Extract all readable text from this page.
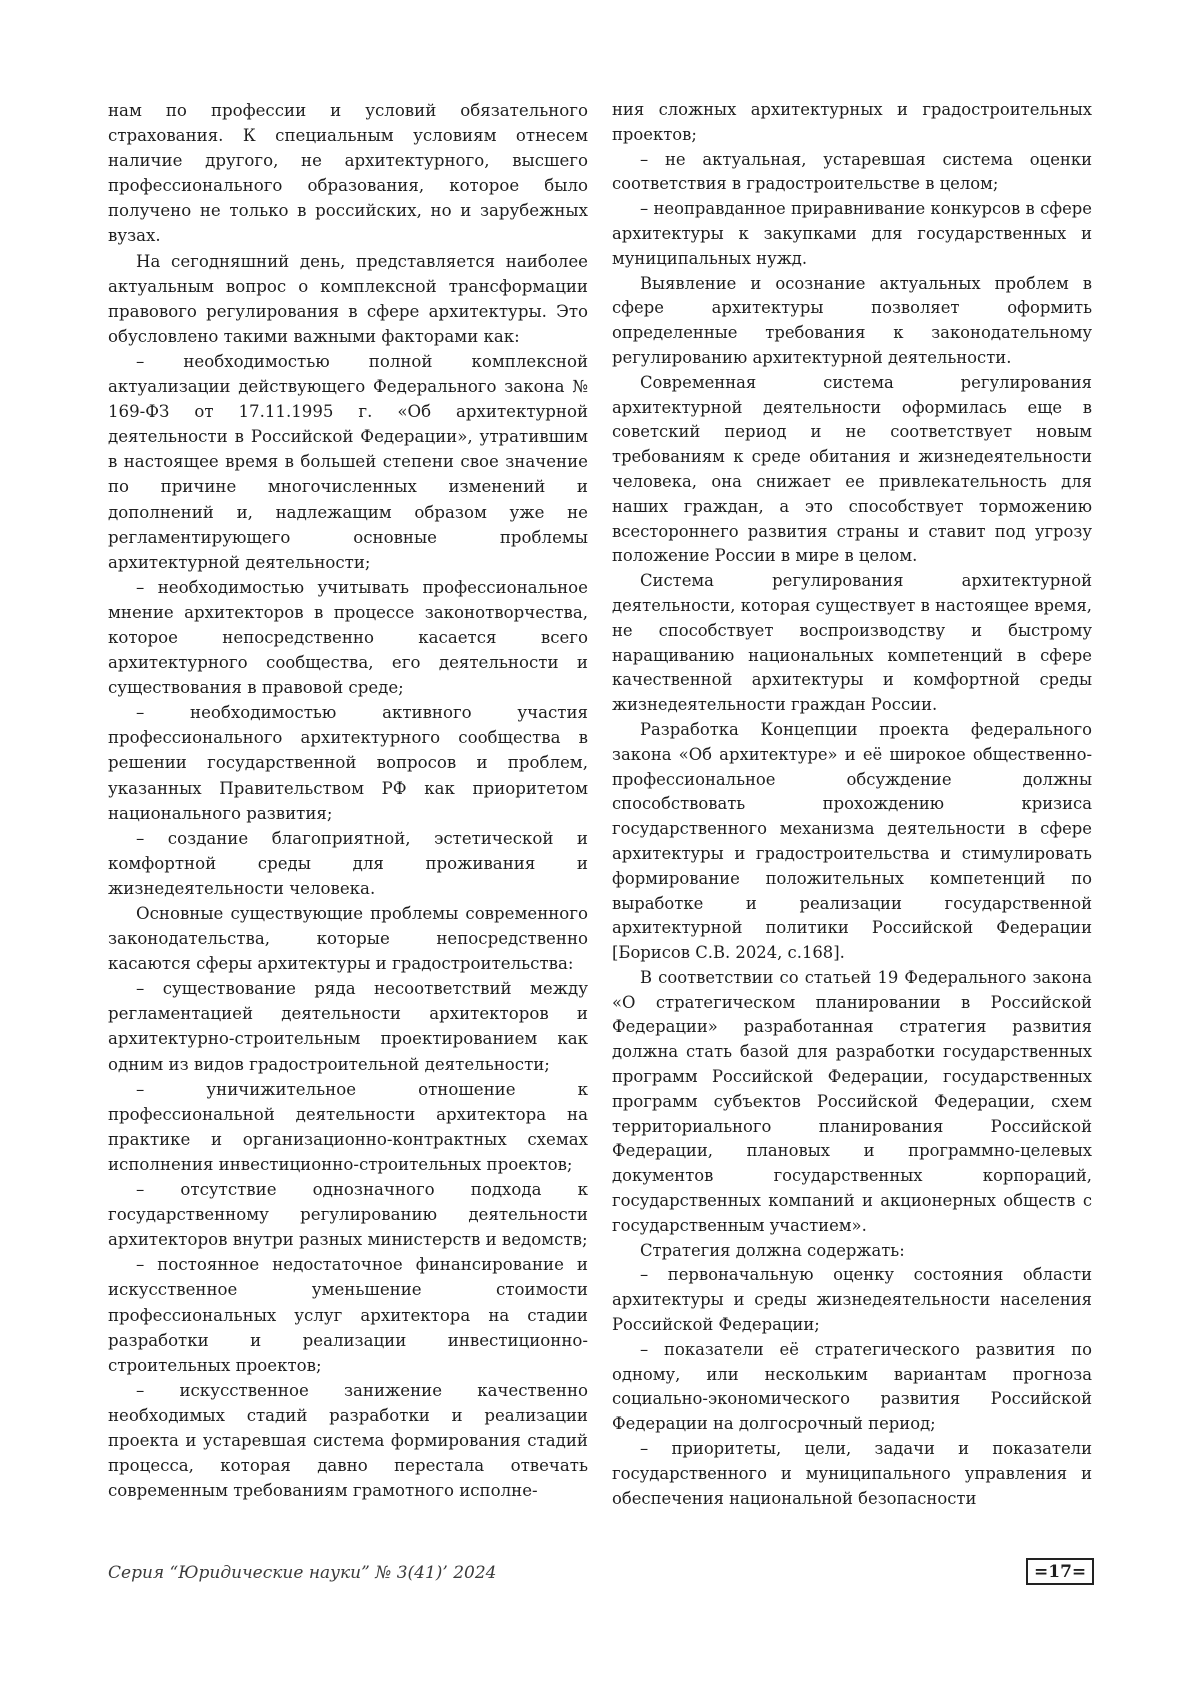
нам по профессии и условий обязательного страхования. К специальным условиям отнесем наличие другого, не архитектурного, высшего профессионального образования, которое было получено не только в российских, но и зарубежных вузах.

На сегодняшний день, представляется наиболее актуальным вопрос о комплексной трансформации правового регулирования в сфере архитектуры. Это обусловлено такими важными факторами как:

– необходимостью полной комплексной актуализации действующего Федерального закона № 169-ФЗ от 17.11.1995 г. «Об архитектурной деятельности в Российской Федерации», утратившим в настоящее время в большей степени свое значение по причине многочисленных изменений и дополнений и, надлежащим образом уже не регламентирующего основные проблемы архитектурной деятельности;

– необходимостью учитывать профессиональное мнение архитекторов в процессе законотворчества, которое непосредственно касается всего архитектурного сообщества, его деятельности и существования в правовой среде;

– необходимостью активного участия профессионального архитектурного сообщества в решении государственной вопросов и проблем, указанных Правительством РФ как приоритетом национального развития;

– создание благоприятной, эстетической и комфортной среды для проживания и жизнедеятельности человека.

Основные существующие проблемы современного законодательства, которые непосредственно касаются сферы архитектуры и градостроительства:

– существование ряда несоответствий между регламентацией деятельности архитекторов и архитектурно-строительным проектированием как одним из видов градостроительной деятельности;

– уничижительное отношение к профессиональной деятельности архитектора на практике и организационно-контрактных схемах исполнения инвестиционно-строительных проектов;

– отсутствие однозначного подхода к государственному регулированию деятельности архитекторов внутри разных министерств и ведомств;

– постоянное недостаточное финансирование и искусственное уменьшение стоимости профессиональных услуг архитектора на стадии разработки и реализации инвестиционно-строительных проектов;

– искусственное занижение качественно необходимых стадий разработки и реализации проекта и устаревшая система формирования стадий процесса, которая давно перестала отвечать современным требованиям грамотного исполне-

ния сложных архитектурных и градостроительных проектов;

– не актуальная, устаревшая система оценки соответствия в градостроительстве в целом;

– неоправданное приравнивание конкурсов в сфере архитектуры к закупками для государственных и муниципальных нужд.

Выявление и осознание актуальных проблем в сфере архитектуры позволяет оформить определенные требования к законодательному регулированию архитектурной деятельности.

Современная система регулирования архитектурной деятельности оформилась еще в советский период и не соответствует новым требованиям к среде обитания и жизнедеятельности человека, она снижает ее привлекательность для наших граждан, а это способствует торможению всестороннего развития страны и ставит под угрозу положение России в мире в целом.

Система регулирования архитектурной деятельности, которая существует в настоящее время, не способствует воспроизводству и быстрому наращиванию национальных компетенций в сфере качественной архитектуры и комфортной среды жизнедеятельности граждан России.

Разработка Концепции проекта федерального закона «Об архитектуре» и её широкое общественно-профессиональное обсуждение должны способствовать прохождению кризиса государственного механизма деятельности в сфере архитектуры и градостроительства и стимулировать формирование положительных компетенций по выработке и реализации государственной архитектурной политики Российской Федерации [Борисов С.В. 2024, с.168].

В соответствии со статьей 19 Федерального закона «О стратегическом планировании в Российской Федерации» разработанная стратегия развития должна стать базой для разработки государственных программ Российской Федерации, государственных программ субъектов Российской Федерации, схем территориального планирования Российской Федерации, плановых и программно-целевых документов государственных корпораций, государственных компаний и акционерных обществ с государственным участием».

Стратегия должна содержать:

– первоначальную оценку состояния области архитектуры и среды жизнедеятельности населения Российской Федерации;

– показатели её стратегического развития по одному, или нескольким вариантам прогноза социально-экономического развития Российской Федерации на долгосрочный период;

– приоритеты, цели, задачи и показатели государственного и муниципального управления и обеспечения национальной безопасности

Серия “Юридические науки” № 3(41)’ 2024	=17=
